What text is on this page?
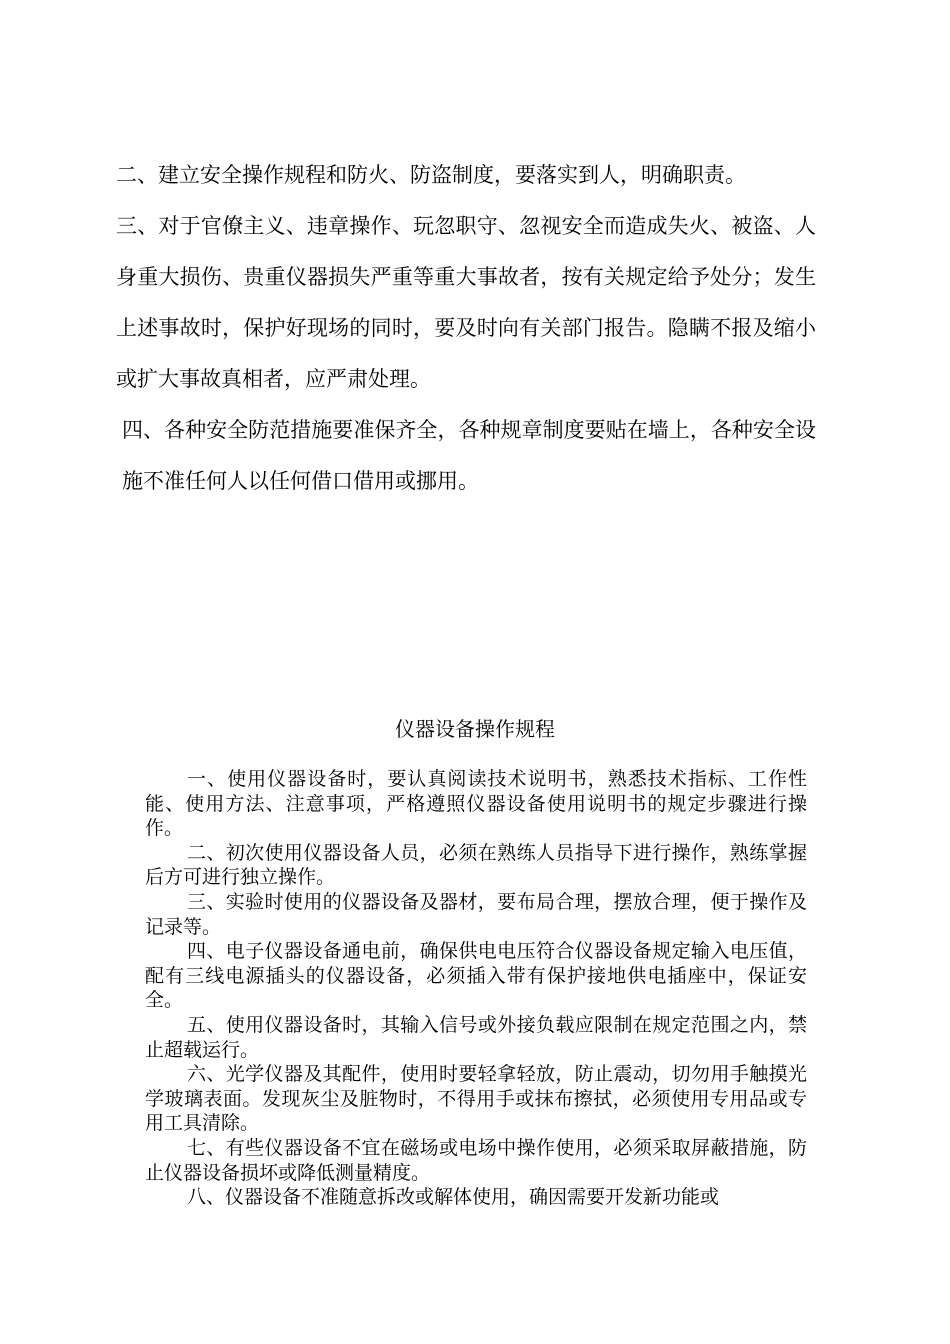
二、建立安全操作规程和防火、防盗制度，要落实到人，明确职责。

三、对于官僚主义、违章操作、玩忽职守、忽视安全而造成失火、被盗、人身重大损伤、贵重仪器损失严重等重大事故者，按有关规定给予处分；发生上述事故时，保护好现场的同时，要及时向有关部门报告。隐瞒不报及缩小或扩大事故真相者，应严肃处理。

四、各种安全防范措施要准保齐全，各种规章制度要贴在墙上，各种安全设施不准任何人以任何借口借用或挪用。

仪器设备操作规程

一、使用仪器设备时，要认真阅读技术说明书，熟悉技术指标、工作性能、使用方法、注意事项，严格遵照仪器设备使用说明书的规定步骤进行操作。

二、初次使用仪器设备人员，必须在熟练人员指导下进行操作，熟练掌握后方可进行独立操作。

三、实验时使用的仪器设备及器材，要布局合理，摆放合理，便于操作及记录等。

四、电子仪器设备通电前，确保供电电压符合仪器设备规定输入电压值，配有三线电源插头的仪器设备，必须插入带有保护接地供电插座中，保证安全。

五、使用仪器设备时，其输入信号或外接负载应限制在规定范围之内，禁止超载运行。

六、光学仪器及其配件，使用时要轻拿轻放，防止震动，切勿用手触摸光学玻璃表面。发现灰尘及脏物时，不得用手或抹布擦拭，必须使用专用品或专用工具清除。

七、有些仪器设备不宜在磁场或电场中操作使用，必须采取屏蔽措施，防止仪器设备损坏或降低测量精度。

八、仪器设备不准随意拆改或解体使用，确因需要开发新功能或
